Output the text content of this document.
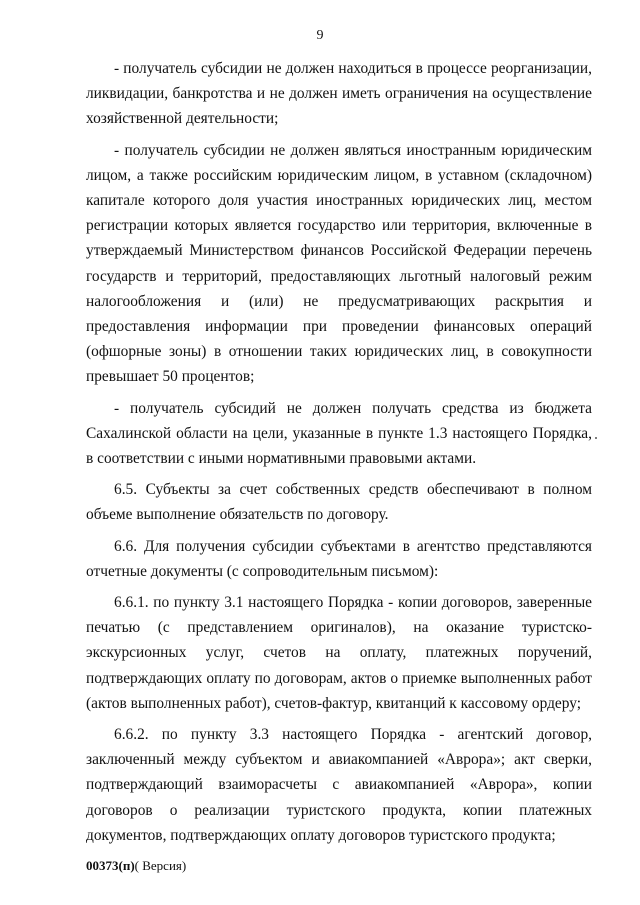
9

- получатель субсидии не должен находиться в процессе реорганизации, ликвидации, банкротства и не должен иметь ограничения на осуществление хозяйственной деятельности;

- получатель субсидии не должен являться иностранным юридическим лицом, а также российским юридическим лицом, в уставном (складочном) капитале которого доля участия иностранных юридических лиц, местом регистрации которых является государство или территория, включенные в утверждаемый Министерством финансов Российской Федерации перечень государств и территорий, предоставляющих льготный налоговый режим налогообложения и (или) не предусматривающих раскрытия и предоставления информации при проведении финансовых операций (офшорные зоны) в отношении таких юридических лиц, в совокупности превышает 50 процентов;

- получатель субсидий не должен получать средства из бюджета Сахалинской области на цели, указанные в пункте 1.3 настоящего Порядка, в соответствии с иными нормативными правовыми актами.

6.5. Субъекты за счет собственных средств обеспечивают в полном объеме выполнение обязательств по договору.

6.6. Для получения субсидии субъектами в агентство представляются отчетные документы (с сопроводительным письмом):

6.6.1. по пункту 3.1 настоящего Порядка - копии договоров, заверенные печатью (с представлением оригиналов), на оказание туристско-экскурсионных услуг, счетов на оплату, платежных поручений, подтверждающих оплату по договорам, актов о приемке выполненных работ (актов выполненных работ), счетов-фактур, квитанций к кассовому ордеру;

6.6.2. по пункту 3.3 настоящего Порядка - агентский договор, заключенный между субъектом и авиакомпанией «Аврора»; акт сверки, подтверждающий взаиморасчеты с авиакомпанией «Аврора», копии договоров о реализации туристского продукта, копии платежных документов, подтверждающих оплату договоров туристского продукта;

00373(п)( Версия)
